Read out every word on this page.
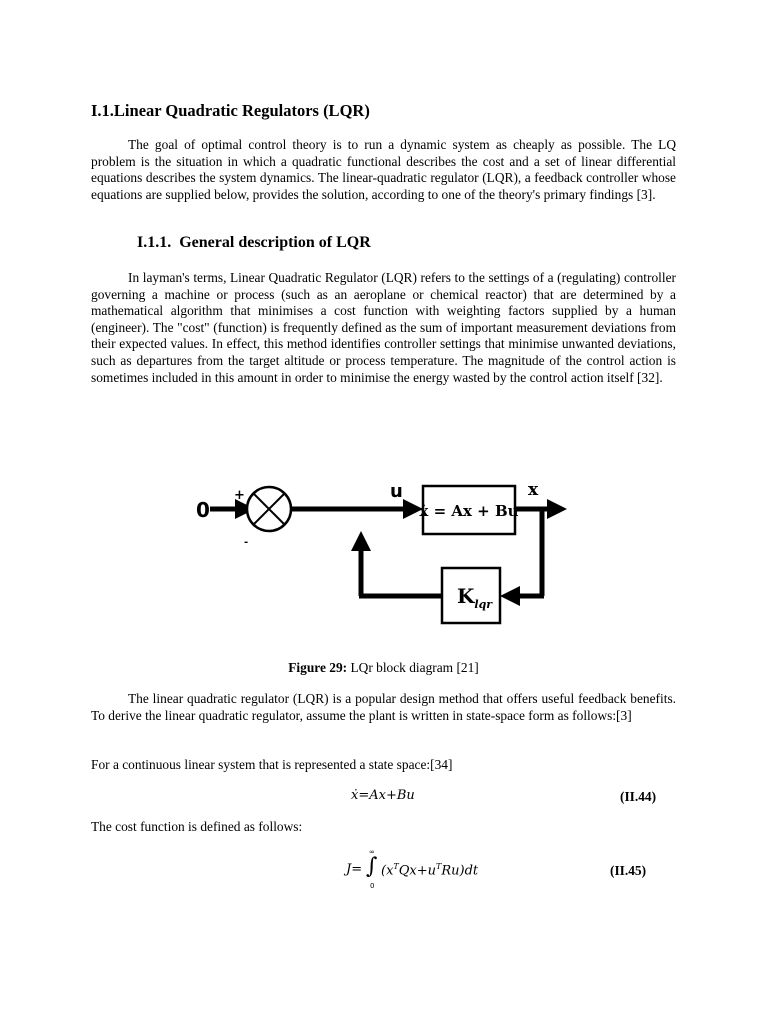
I.1.Linear Quadratic Regulators (LQR)

The goal of optimal control theory is to run a dynamic system as cheaply as possible. The LQ problem is the situation in which a quadratic functional describes the cost and a set of linear differential equations describes the system dynamics. The linear-quadratic regulator (LQR), a feedback controller whose equations are supplied below, provides the solution, according to one of the theory's primary findings [3].

I.1.1. General description of LQR

In layman's terms, Linear Quadratic Regulator (LQR) refers to the settings of a (regulating) controller governing a machine or process (such as an aeroplane or chemical reactor) that are determined by a mathematical algorithm that minimises a cost function with weighting factors supplied by a human (engineer). The "cost" (function) is frequently defined as the sum of important measurement deviations from their expected values. In effect, this method identifies controller settings that minimise unwanted deviations, such as departures from the target altitude or process temperature. The magnitude of the control action is sometimes included in this amount in order to minimise the energy wasted by the control action itself [32].

0
+
-
u
ẋ = Ax + Bu
x
$K_{lqr}$
Figure 29: LQr block diagram [21]

The linear quadratic regulator (LQR) is a popular design method that offers useful feedback benefits. To derive the linear quadratic regulator, assume the plant is written in state-space form as follows:[3]

For a continuous linear system that is represented a state space:[34]

ẋ=Ax+Bu	(II.44)

The cost function is defined as follows:

J= ∫
∞
0
$(x^TQx+u^TRu)dt$	(II.45)
